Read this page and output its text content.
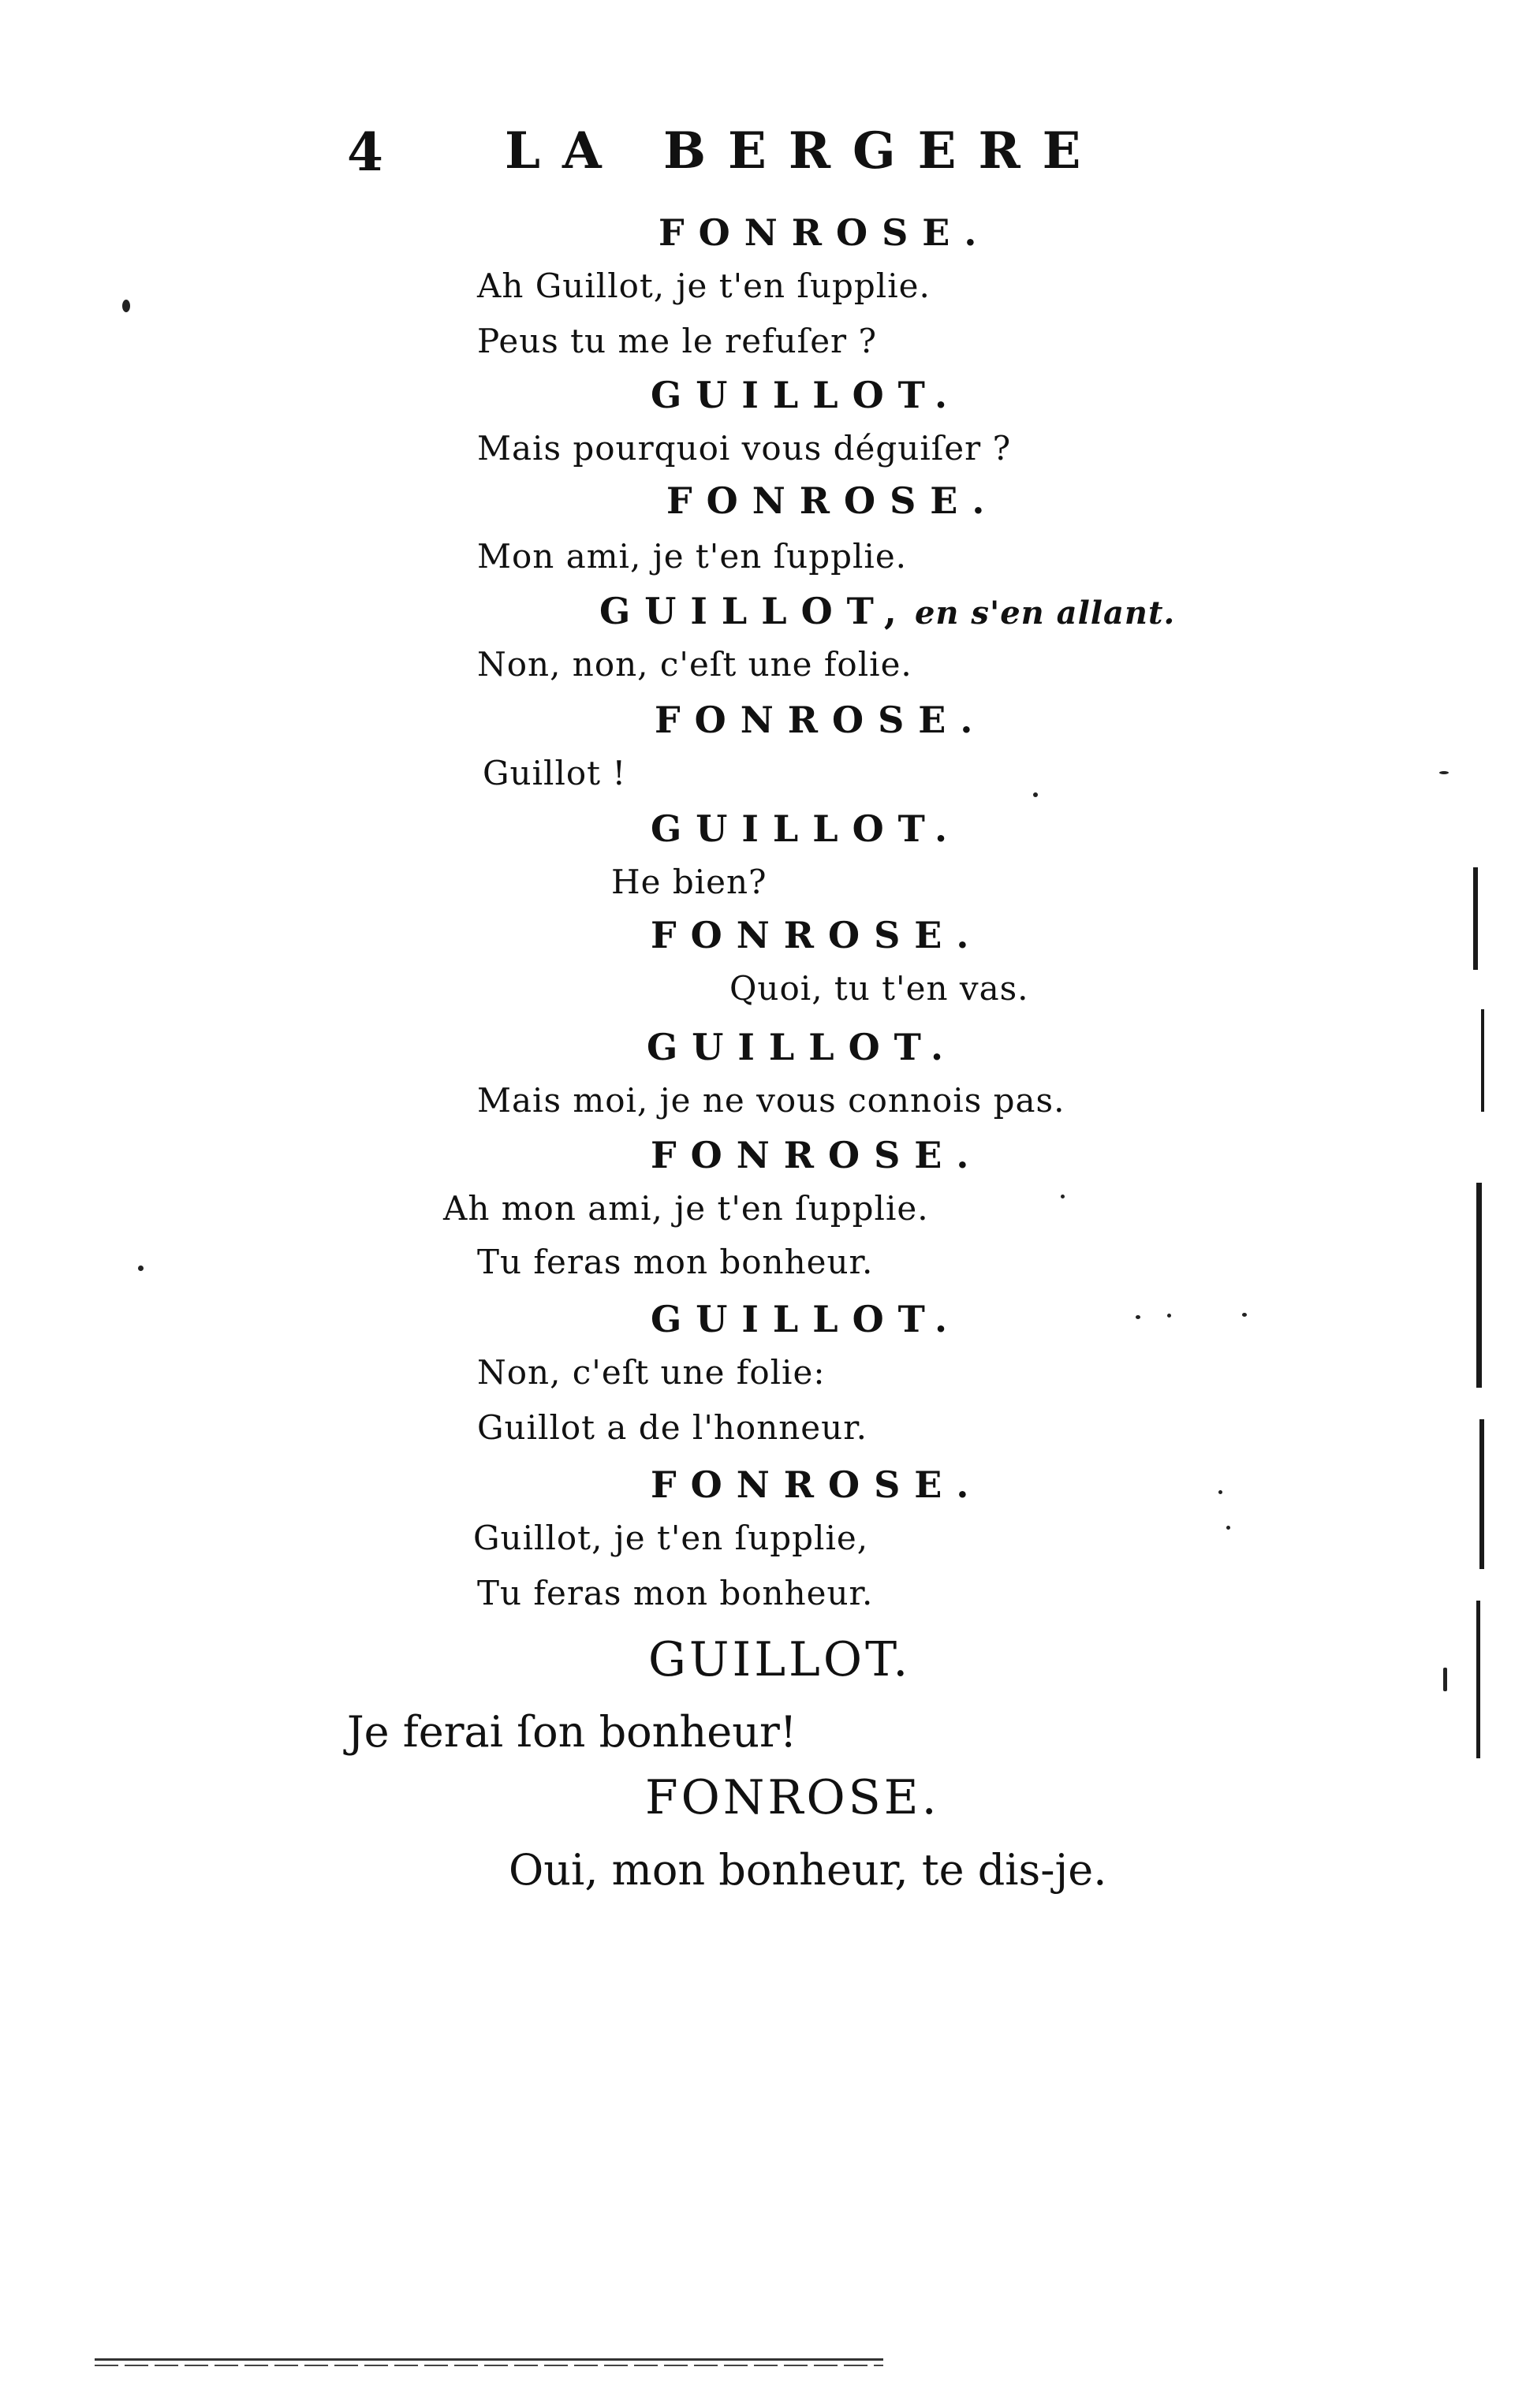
4 LA BERGERE
FONROSE.
Ah Guillot, je t'en ſupplie.
Peus tu me le refuſer ?
GUILLOT.
Mais pourquoi vous déguiſer ?
FONROSE.
Mon ami, je t'en ſupplie.
GUILLOT, en s'en allant.
Non, non, c'eſt une folie.
FONROSE.
Guillot !
GUILLOT.
He bien?
FONROSE.
Quoi, tu t'en vas.
GUILLOT.
Mais moi, je ne vous connois pas.
FONROSE.
Ah mon ami, je t'en ſupplie.
Tu feras mon bonheur.
GUILLOT.
Non, c'eſt une folie:
Guillot a de l'honneur.
FONROSE.
Guillot, je t'en ſupplie,
Tu feras mon bonheur.
GUILLOT.
Je ferai ſon bonheur!
FONROSE.
Oui, mon bonheur, te dis-je.
